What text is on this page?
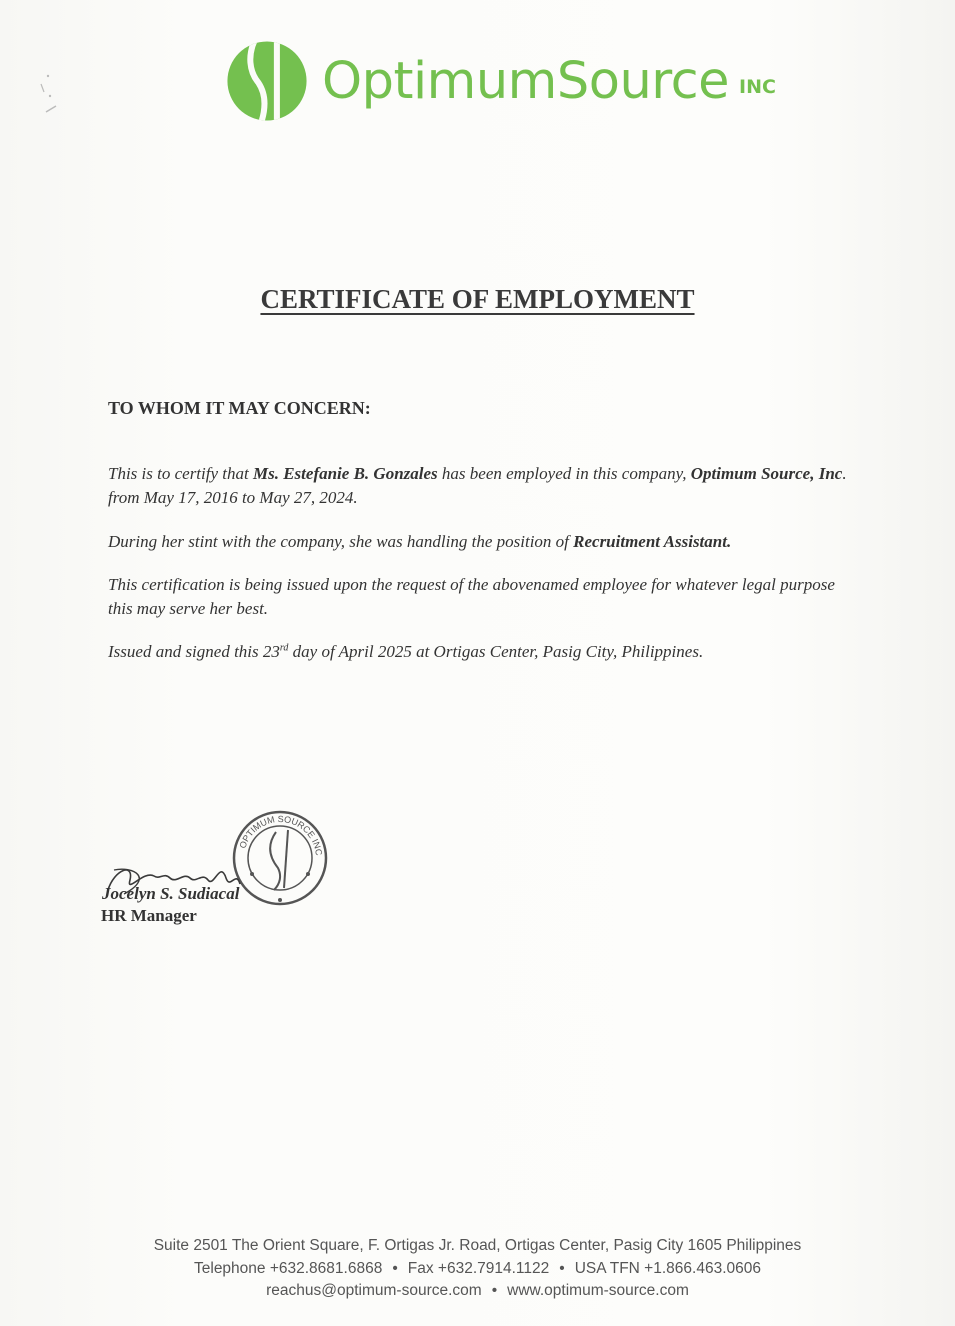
OptimumSource INC
CERTIFICATE OF EMPLOYMENT
TO WHOM IT MAY CONCERN:
This is to certify that Ms. Estefanie B. Gonzales has been employed in this company, Optimum Source, Inc. from May 17, 2016 to May 27, 2024.
During her stint with the company, she was handling the position of Recruitment Assistant.
This certification is being issued upon the request of the abovenamed employee for whatever legal purpose this may serve her best.
Issued and signed this 23rd day of April 2025 at Ortigas Center, Pasig City, Philippines.
OPTIMUM SOURCE INC
Jocelyn S. Sudiacal
HR Manager
Suite 2501 The Orient Square, F. Ortigas Jr. Road, Ortigas Center, Pasig City 1605 Philippines
Telephone +632.8681.6868 • Fax +632.7914.1122 • USA TFN +1.866.463.0606
reachus@optimum-source.com • www.optimum-source.com
